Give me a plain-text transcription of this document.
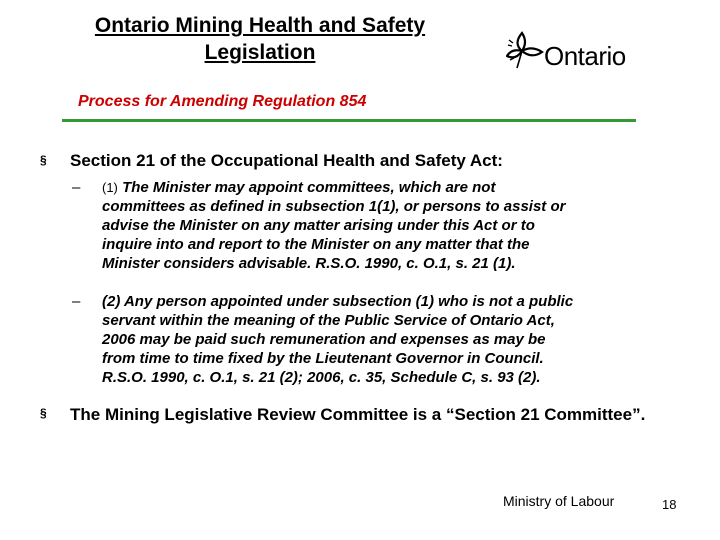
Ontario Mining Health and Safety Legislation	Ontario
Process for Amending Regulation 854
§ Section 21 of the Occupational Health and Safety Act:
– (1) The Minister may appoint committees, which are not
committees as defined in subsection 1(1), or persons to assist or
advise the Minister on any matter arising under this Act or to
inquire into and report to the Minister on any matter that the
Minister considers advisable. R.S.O. 1990, c. O.1, s. 21 (1).
– (2) Any person appointed under subsection (1) who is not a public
servant within the meaning of the Public Service of Ontario Act,
2006 may be paid such remuneration and expenses as may be
from time to time fixed by the Lieutenant Governor in Council.
R.S.O. 1990, c. O.1, s. 21 (2); 2006, c. 35, Schedule C, s. 93 (2).
§ The Mining Legislative Review Committee is a “Section 21 Committee”.
Ministry of Labour	18
